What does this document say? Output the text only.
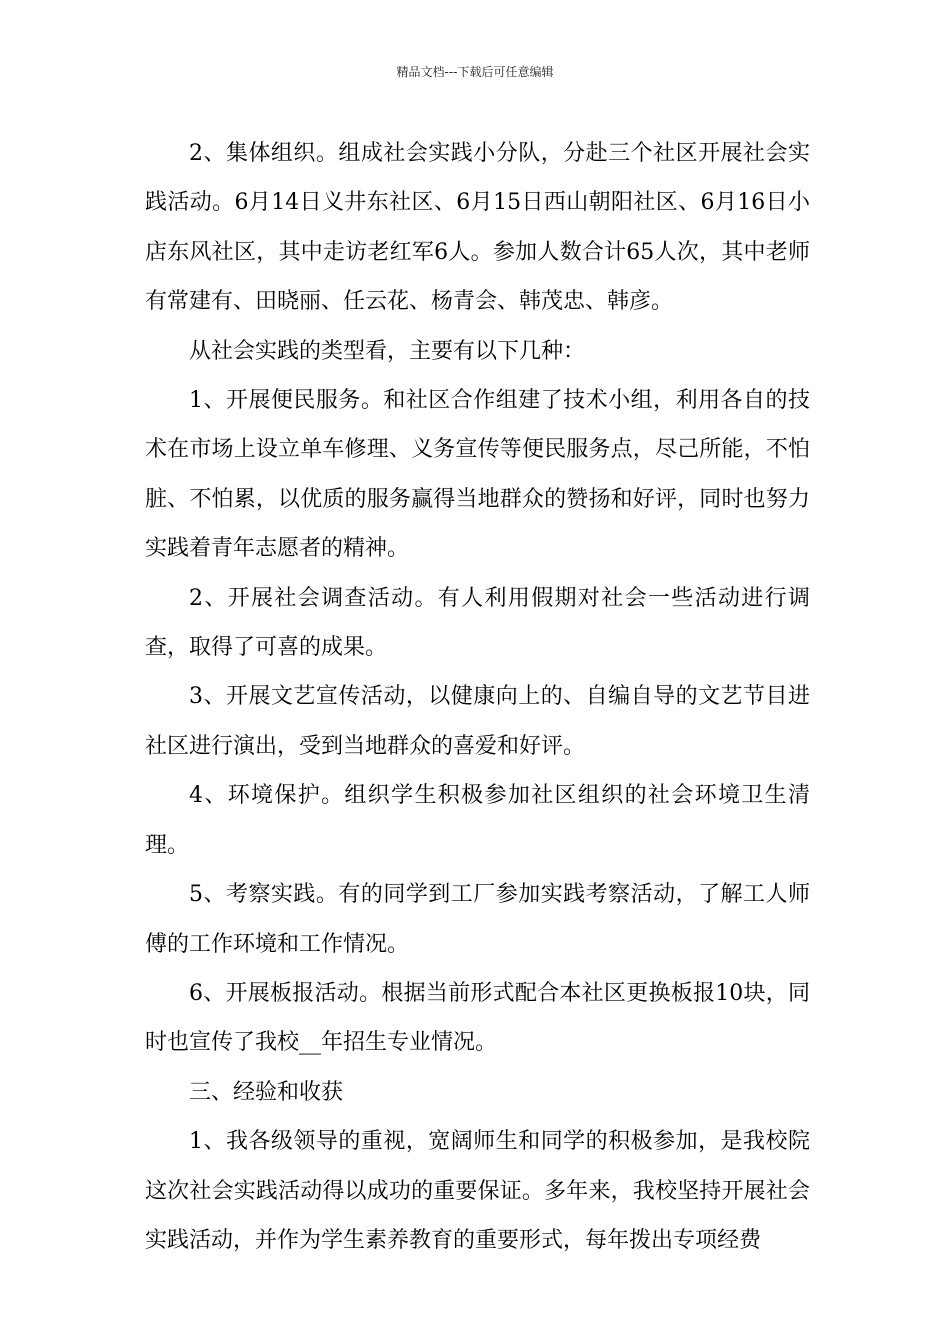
精品文档---下载后可任意编辑

2、集体组织。组成社会实践小分队，分赴三个社区开展社会实践活动。6月14日义井东社区、6月15日西山朝阳社区、6月16日小店东风社区，其中走访老红军6人。参加人数合计65人次，其中老师有常建有、田晓丽、任云花、杨青会、韩茂忠、韩彦。

从社会实践的类型看，主要有以下几种：

1、开展便民服务。和社区合作组建了技术小组，利用各自的技术在市场上设立单车修理、义务宣传等便民服务点，尽己所能，不怕脏、不怕累，以优质的服务赢得当地群众的赞扬和好评，同时也努力实践着青年志愿者的精神。

2、开展社会调查活动。有人利用假期对社会一些活动进行调查，取得了可喜的成果。

3、开展文艺宣传活动，以健康向上的、自编自导的文艺节目进社区进行演出，受到当地群众的喜爱和好评。

4、环境保护。组织学生积极参加社区组织的社会环境卫生清理。

5、考察实践。有的同学到工厂参加实践考察活动，了解工人师傅的工作环境和工作情况。

6、开展板报活动。根据当前形式配合本社区更换板报10块，同时也宣传了我校__年招生专业情况。

三、经验和收获

1、我各级领导的重视，宽阔师生和同学的积极参加，是我校院这次社会实践活动得以成功的重要保证。多年来，我校坚持开展社会实践活动，并作为学生素养教育的重要形式，每年拨出专项经费
